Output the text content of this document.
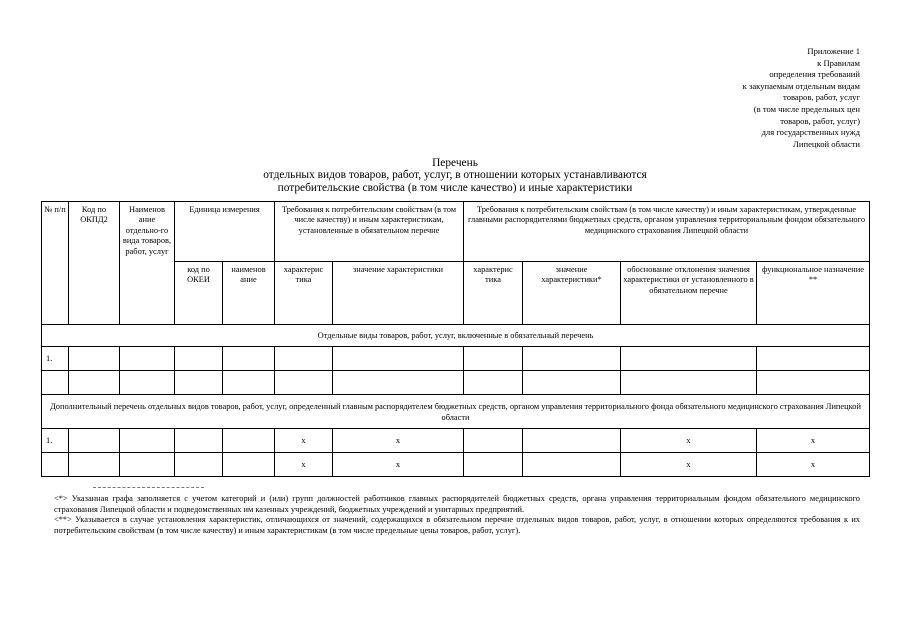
Приложение 1
к Правилам
определения требований
к закупаемым отдельным видам
товаров, работ, услуг
(в том числе предельных цен
товаров, работ, услуг)
для государственных нужд
Липецкой области
Перечень
отдельных видов товаров, работ, услуг, в отношении которых устанавливаются
потребительские свойства (в том числе качество) и иные характеристики
№ п/п	Код по ОКПД2	Наименов ание отдельно-го вида товаров, работ, услуг	Единица измерения		Требования к потребительским свойствам (в том числе качеству) и иным характеристикам, установленные в обязательном перечне		Требования к потребительским свойствам (в том числе качеству) и иным характеристикам, утвержденные главными распорядителями бюджетных средств, органом управления территориальным фондом обязательного медицинского страхования Липецкой области			
			код по ОКЕИ	наименов ание	характерис тика	значение характеристики	характерис тика	значение характеристики*	обоснование отклонения значения характеристики от установленного в обязательном перечне	функциональное назначение **
Отдельные виды товаров, работ, услуг, включенные в обязательный перечень										
1.										

Дополнительный перечень отдельных видов товаров, работ, услуг, определенный главным распорядителем бюджетных средств, органом управления территориального фонда обязательного медицинского страхования Липецкой области										
1.					x	x			x	x
					x	x			x	x

<*> Указанная графа заполняется с учетом категорий и (или) групп должностей работников главных распорядителей бюджетных средств, органа управления территориальным фондом обязательного медицинского страхования Липецкой области и подведомственных им казенных учреждений, бюджетных учреждений и унитарных предприятий.

<**> Указывается в случае установления характеристик, отличающихся от значений, содержащихся в обязательном перечне отдельных видов товаров, работ, услуг, в отношении которых определяются требования к их потребительским свойствам (в том числе качеству) и иным характеристикам (в том числе предельные цены товаров, работ, услуг).
